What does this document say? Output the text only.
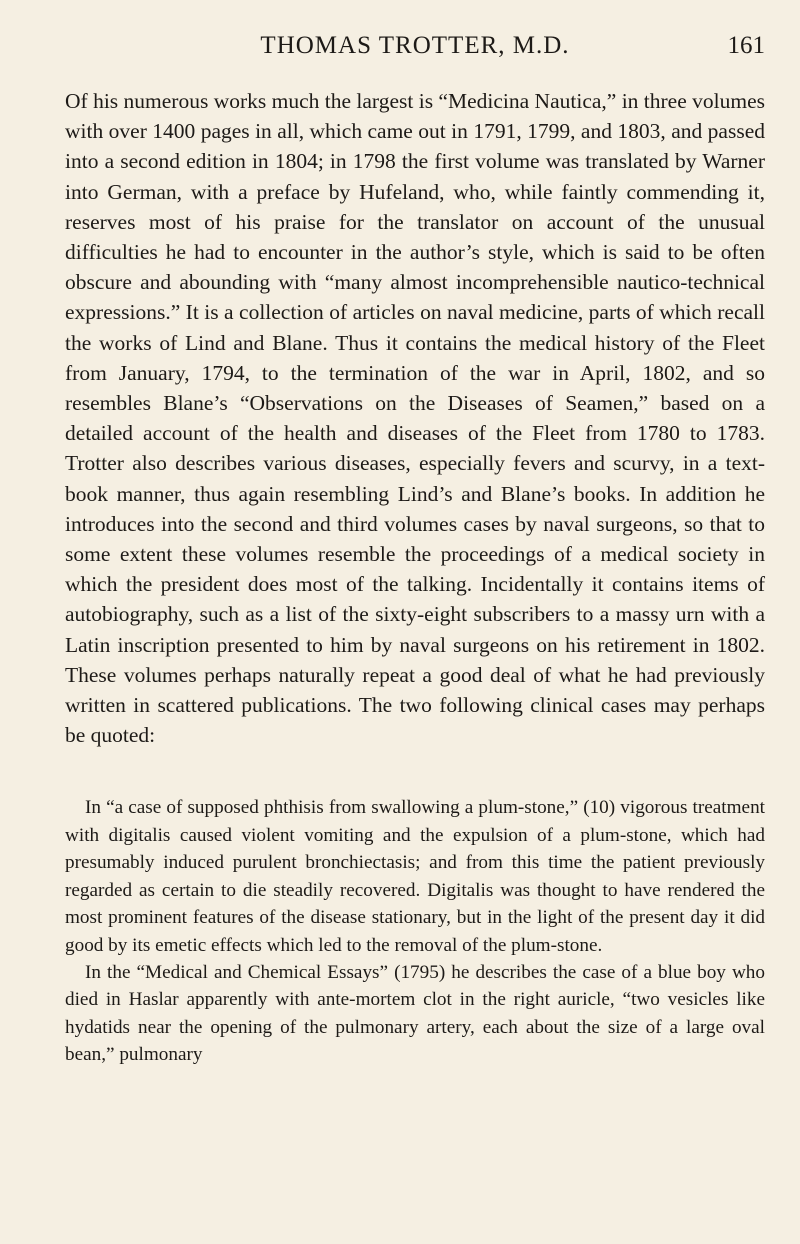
THOMAS TROTTER, M.D.	161

Of his numerous works much the largest is “Medicina Nautica,” in three volumes with over 1400 pages in all, which came out in 1791, 1799, and 1803, and passed into a second edition in 1804; in 1798 the first volume was translated by Warner into German, with a preface by Hufeland, who, while faintly commending it, reserves most of his praise for the translator on account of the unusual difficulties he had to encounter in the author’s style, which is said to be often obscure and abounding with “many almost incomprehensible nautico-technical expressions.” It is a collection of articles on naval medicine, parts of which recall the works of Lind and Blane. Thus it contains the medical history of the Fleet from January, 1794, to the termination of the war in April, 1802, and so resembles Blane’s “Observations on the Diseases of Seamen,” based on a detailed account of the health and diseases of the Fleet from 1780 to 1783. Trotter also describes various diseases, especially fevers and scurvy, in a text-book manner, thus again resembling Lind’s and Blane’s books. In addition he introduces into the second and third volumes cases by naval surgeons, so that to some extent these volumes resemble the proceedings of a medical society in which the president does most of the talking. Incidentally it contains items of autobiography, such as a list of the sixty-eight subscribers to a massy urn with a Latin inscription presented to him by naval surgeons on his retirement in 1802. These volumes perhaps naturally repeat a good deal of what he had previously written in scattered publications. The two following clinical cases may perhaps be quoted:

In “a case of supposed phthisis from swallowing a plum-stone,” (10) vigorous treatment with digitalis caused violent vomiting and the expulsion of a plum-stone, which had presumably induced purulent bronchiectasis; and from this time the patient previously regarded as certain to die steadily recovered. Digitalis was thought to have rendered the most prominent features of the disease stationary, but in the light of the present day it did good by its emetic effects which led to the removal of the plum-stone.

In the “Medical and Chemical Essays” (1795) he describes the case of a blue boy who died in Haslar apparently with ante-mortem clot in the right auricle, “two vesicles like hydatids near the opening of the pulmonary artery, each about the size of a large oval bean,” pulmonary
